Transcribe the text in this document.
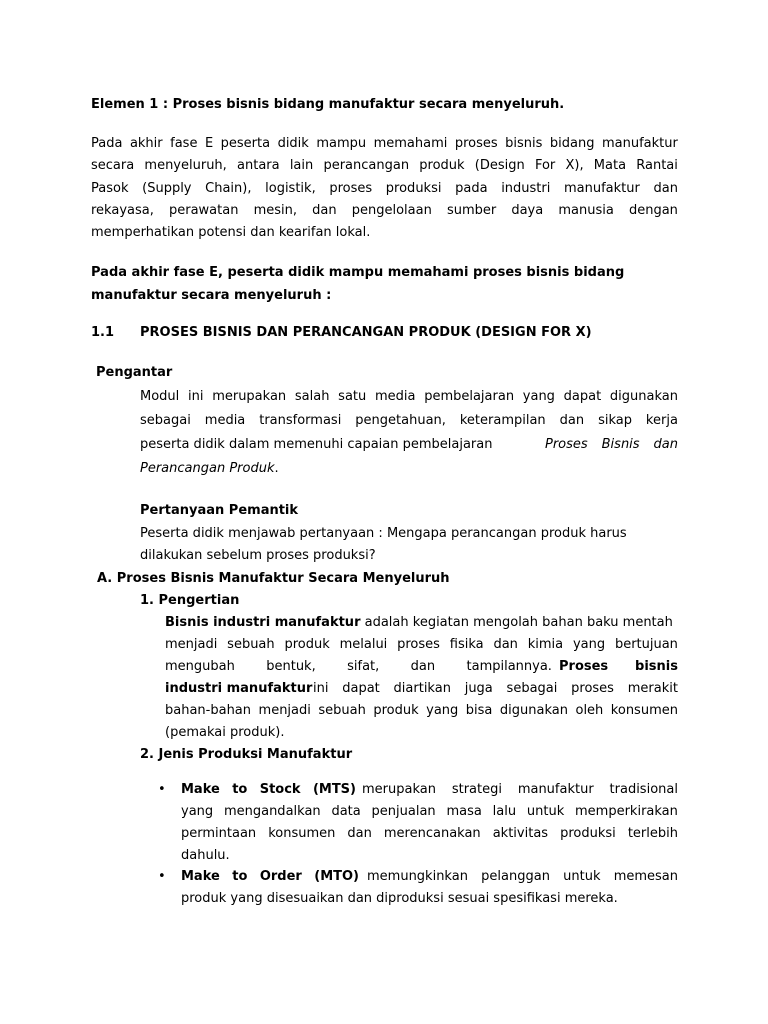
Elemen 1 : Proses bisnis bidang manufaktur secara menyeluruh.

Pada akhir fase E peserta didik mampu memahami proses bisnis bidang manufaktur
secara menyeluruh, antara lain perancangan produk (Design For X), Mata Rantai
Pasok (Supply Chain), logistik, proses produksi pada industri manufaktur dan
rekayasa, perawatan mesin, dan pengelolaan sumber daya manusia dengan

memperhatikan potensi dan kearifan lokal.

Pada akhir fase E, peserta didik mampu memahami proses bisnis bidang

manufaktur secara menyeluruh :

1.1 PROSES BISNIS DAN PERANCANGAN PRODUK (DESIGN FOR X)

Pengantar

Modul ini merupakan salah satu media pembelajaran yang dapat digunakan
sebagai media transformasi pengetahuan, keterampilan dan sikap kerja

peserta didik dalam memenuhi capaian pembelajaran	Proses Bisnis dan

Perancangan Produk.

Pertanyaan Pemantik

Peserta didik menjawab pertanyaan : Mengapa perancangan produk harus

dilakukan sebelum proses produksi?

A. Proses Bisnis Manufaktur Secara Menyeluruh

1. Pengertian

Bisnis industri manufaktur adalah kegiatan mengolah bahan baku mentah

menjadi sebuah produk melalui proses fisika dan kimia yang bertujuan
mengubah bentuk, sifat, dan tampilannya. Proses bisnis

industri manufaktur ini dapat diartikan juga sebagai proses merakit
bahan-bahan menjadi sebuah produk yang bisa digunakan oleh konsumen

(pemakai produk).

2. Jenis Produksi Manufaktur

• Make to Stock (MTS) merupakan strategi manufaktur tradisional
yang mengandalkan data penjualan masa lalu untuk memperkirakan
permintaan konsumen dan merencanakan aktivitas produksi terlebih

dahulu.

• Make to Order (MTO) memungkinkan pelanggan untuk memesan

produk yang disesuaikan dan diproduksi sesuai spesifikasi mereka.
